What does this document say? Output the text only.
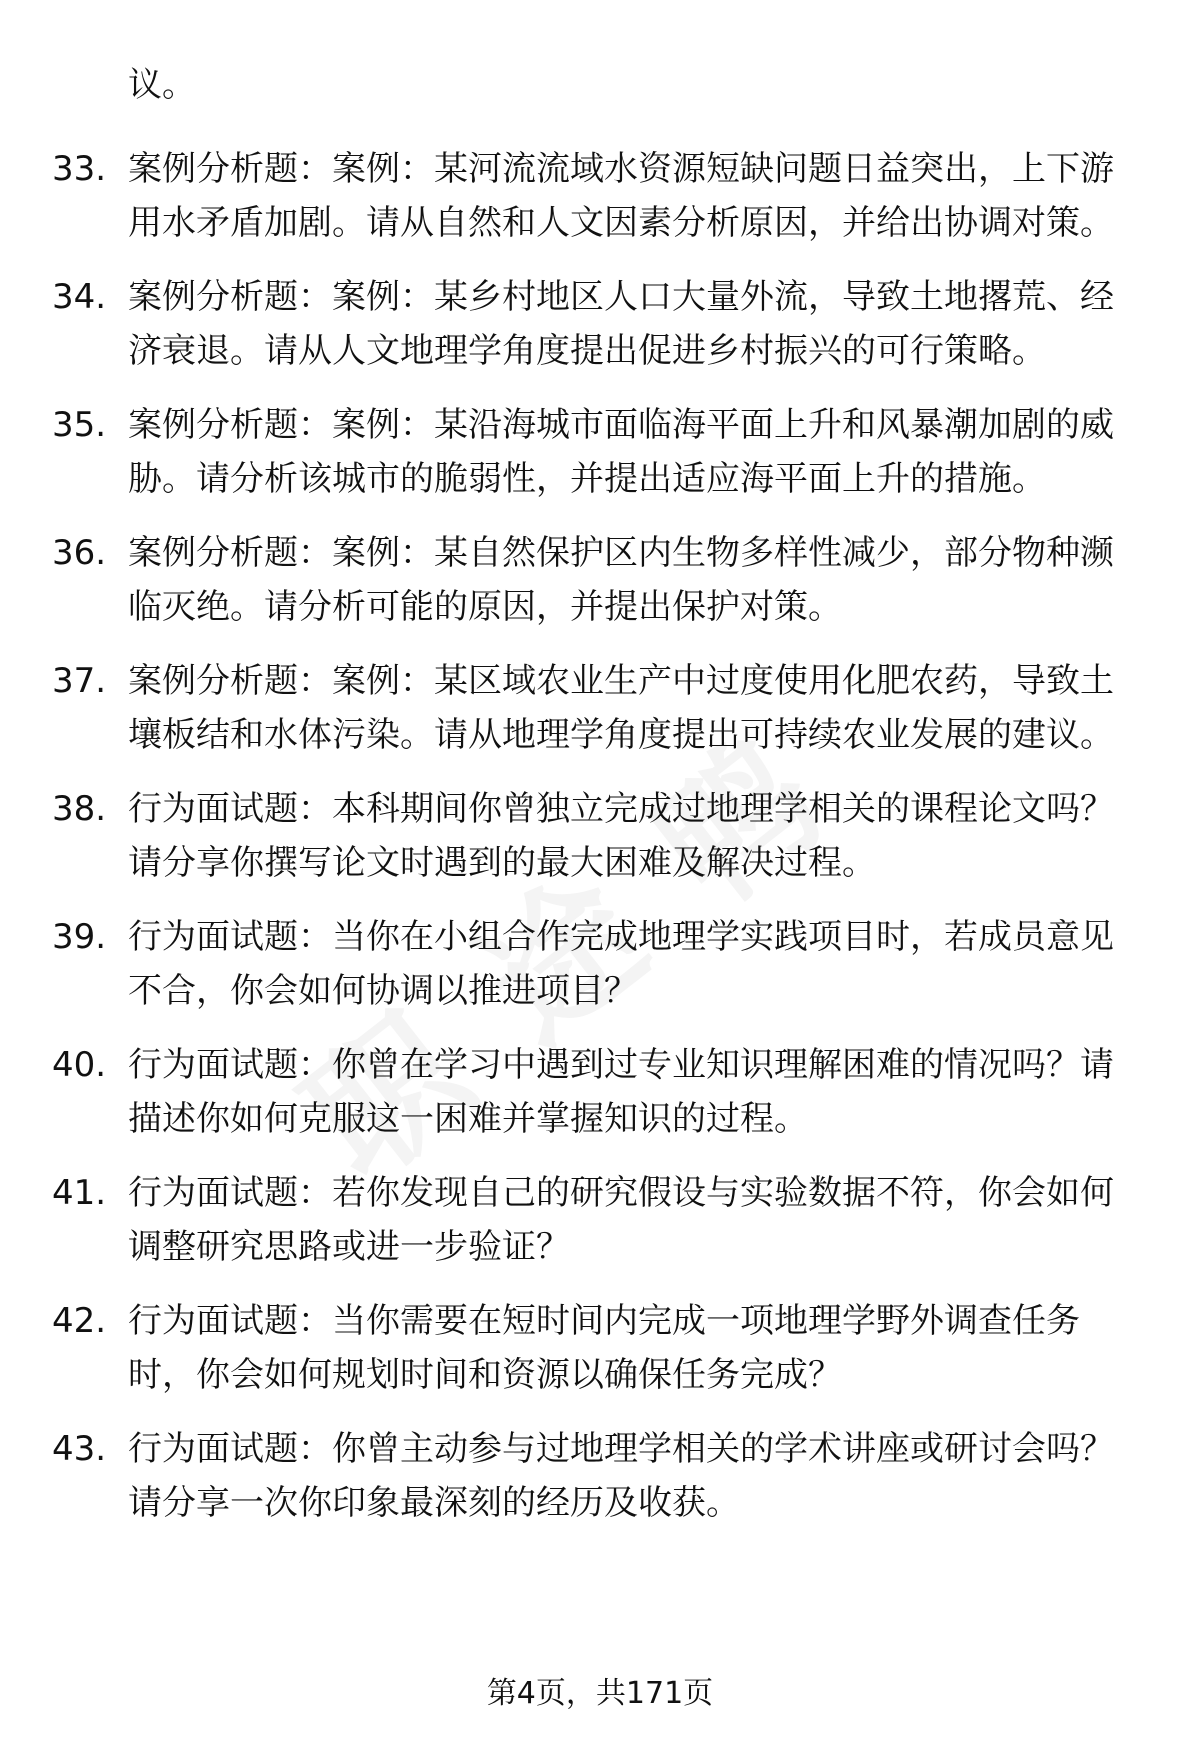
议。
33. 案例分析题：案例：某河流流域水资源短缺问题日益突出，上下游用水矛盾加剧。请从自然和人文因素分析原因，并给出协调对策。
34. 案例分析题：案例：某乡村地区人口大量外流，导致土地撂荒、经济衰退。请从人文地理学角度提出促进乡村振兴的可行策略。
35. 案例分析题：案例：某沿海城市面临海平面上升和风暴潮加剧的威胁。请分析该城市的脆弱性，并提出适应海平面上升的措施。
36. 案例分析题：案例：某自然保护区内生物多样性减少，部分物种濒临灭绝。请分析可能的原因，并提出保护对策。
37. 案例分析题：案例：某区域农业生产中过度使用化肥农药，导致土壤板结和水体污染。请从地理学角度提出可持续农业发展的建议。
38. 行为面试题：本科期间你曾独立完成过地理学相关的课程论文吗？请分享你撰写论文时遇到的最大困难及解决过程。
39. 行为面试题：当你在小组合作完成地理学实践项目时，若成员意见不合，你会如何协调以推进项目？
40. 行为面试题：你曾在学习中遇到过专业知识理解困难的情况吗？请描述你如何克服这一困难并掌握知识的过程。
41. 行为面试题：若你发现自己的研究假设与实验数据不符，你会如何调整研究思路或进一步验证？
42. 行为面试题：当你需要在短时间内完成一项地理学野外调查任务时，你会如何规划时间和资源以确保任务完成？
43. 行为面试题：你曾主动参与过地理学相关的学术讲座或研讨会吗？请分享一次你印象最深刻的经历及收获。
第4页，共171页
